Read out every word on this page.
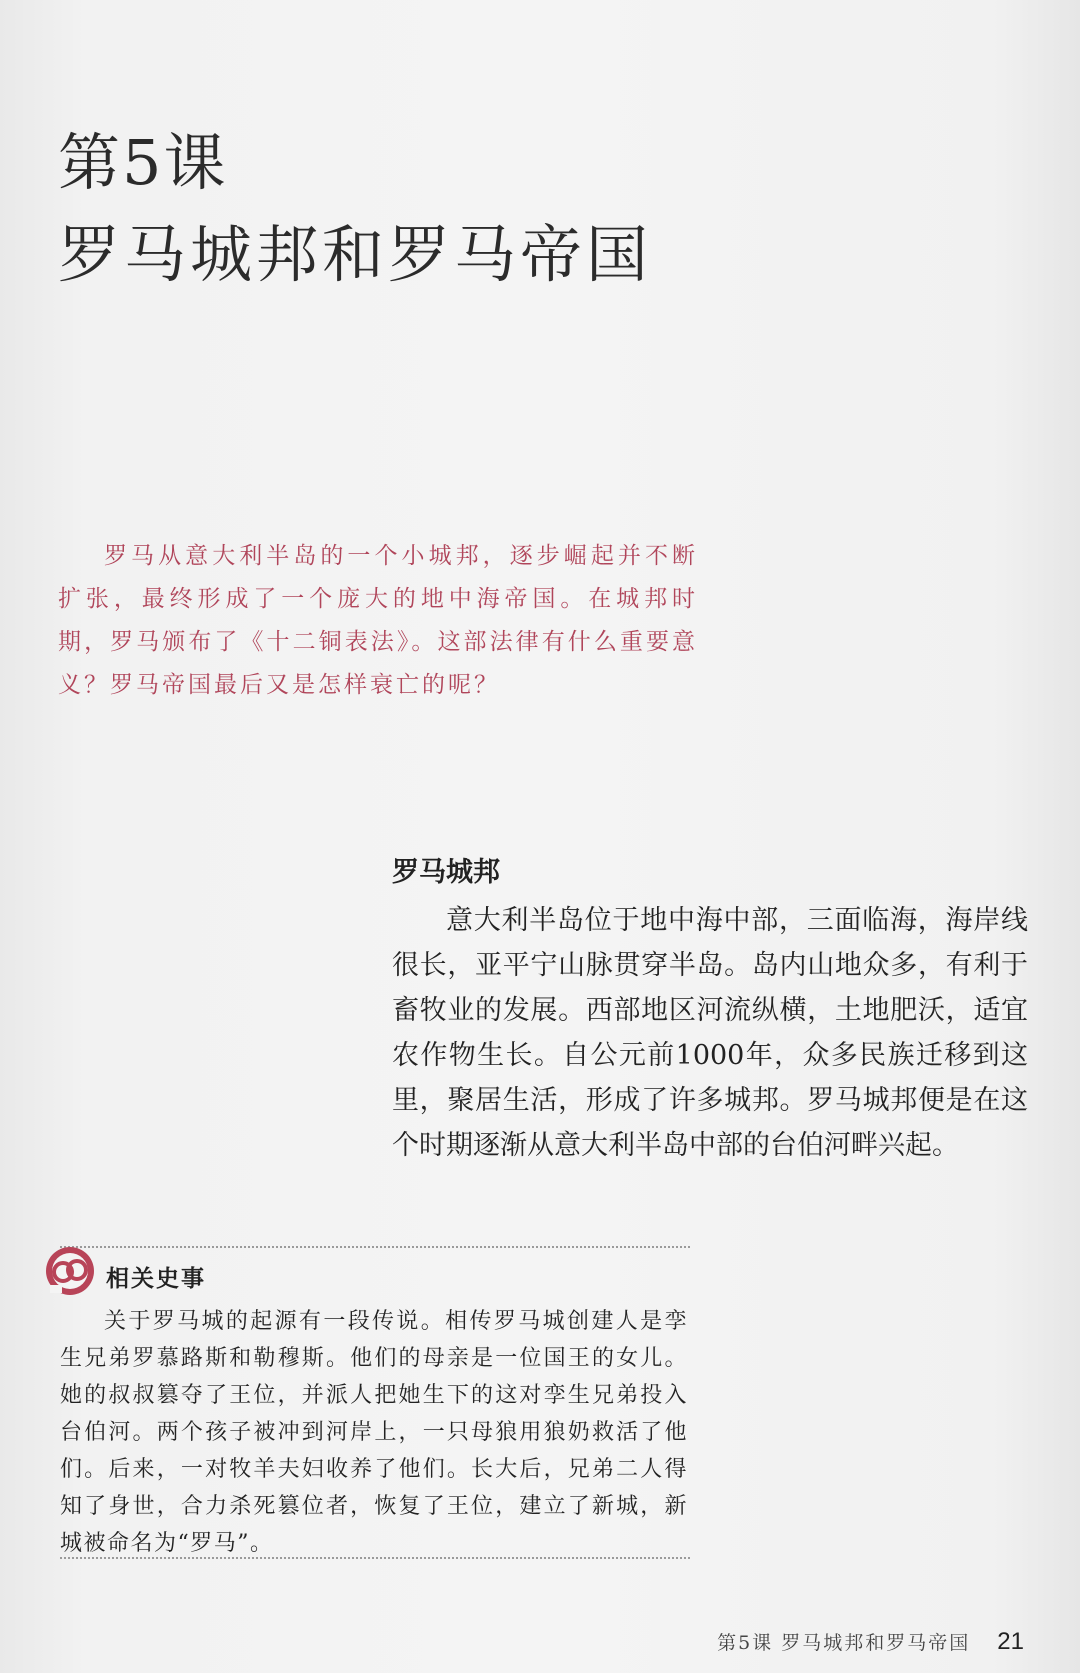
第5课
罗马城邦和罗马帝国

罗马从意大利半岛的一个小城邦，逐步崛起并不断扩张，最终形成了一个庞大的地中海帝国。在城邦时期，罗马颁布了《十二铜表法》。这部法律有什么重要意义？罗马帝国最后又是怎样衰亡的呢？

罗马城邦

意大利半岛位于地中海中部，三面临海，海岸线很长，亚平宁山脉贯穿半岛。岛内山地众多，有利于畜牧业的发展。西部地区河流纵横，土地肥沃，适宜农作物生长。自公元前1000年，众多民族迁移到这里，聚居生活，形成了许多城邦。罗马城邦便是在这个时期逐渐从意大利半岛中部的台伯河畔兴起。

相关史事

关于罗马城的起源有一段传说。相传罗马城创建人是孪生兄弟罗慕路斯和勒穆斯。他们的母亲是一位国王的女儿。她的叔叔篡夺了王位，并派人把她生下的这对孪生兄弟投入台伯河。两个孩子被冲到河岸上，一只母狼用狼奶救活了他们。后来，一对牧羊夫妇收养了他们。长大后，兄弟二人得知了身世，合力杀死篡位者，恢复了王位，建立了新城，新城被命名为“罗马”。

第5课 罗马城邦和罗马帝国 21
